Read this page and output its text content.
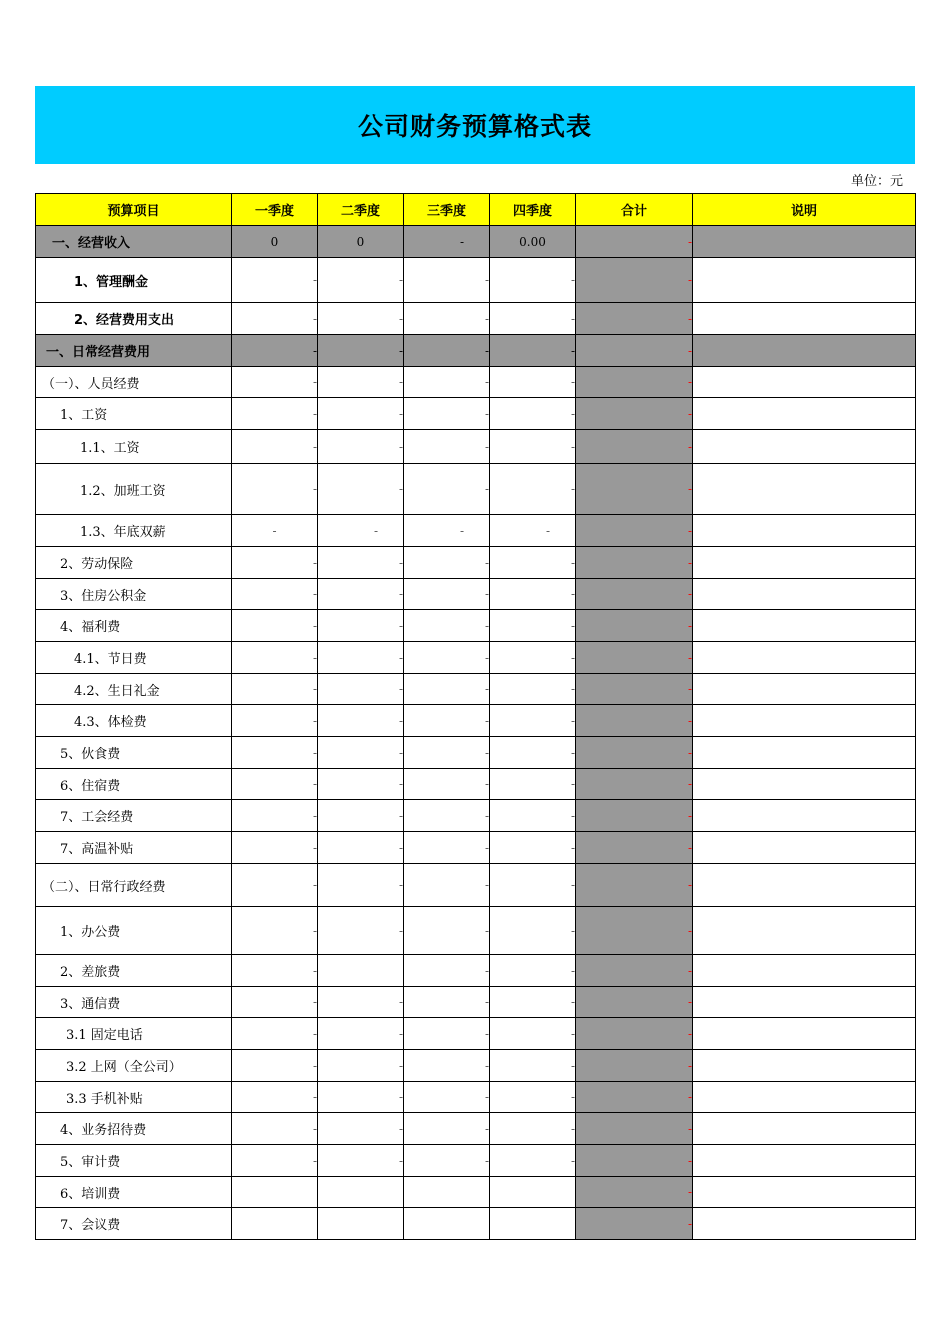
公司财务预算格式表
单位：元
预算项目	一季度	二季度	三季度	四季度	合计	说明
一、经营收入	0	0	-	0.00	-	
1、管理酬金	-	-	-	-	-	
2、经营费用支出	-	-	-	-	-	
一、日常经营费用	-	-	-	-	-	
（一）、人员经费	-	-	-	-	-	
1、工资	-	-	-	-	-	
1.1、工资	-	-	-	-	-	
1.2、加班工资	-	-	-	-	-	
1.3、年底双薪	-	-	-	-	-	
2、劳动保险	-	-	-	-	-	
3、住房公积金	-	-	-	-	-	
4、福利费	-	-	-	-	-	
4.1、节日费	-	-	-	-	-	
4.2、生日礼金	-	-	-	-	-	
4.3、体检费	-	-	-	-	-	
5、伙食费	-	-	-	-	-	
6、住宿费	-	-	-	-	-	
7、工会经费	-	-	-	-	-	
7、高温补贴	-	-	-	-	-	
（二）、日常行政经费	-	-	-	-	-	
1、办公费	-	-	-	-	-	
2、差旅费	-		-	-	-	
3、通信费	-	-	-	-	-	
3.1 固定电话	-	-	-	-	-	
3.2 上网（全公司）	-	-	-	-	-	
3.3 手机补贴	-	-	-	-	-	
4、业务招待费	-	-	-	-	-	
5、审计费	-	-	-	-	-	
6、培训费					-	
7、会议费					-	
